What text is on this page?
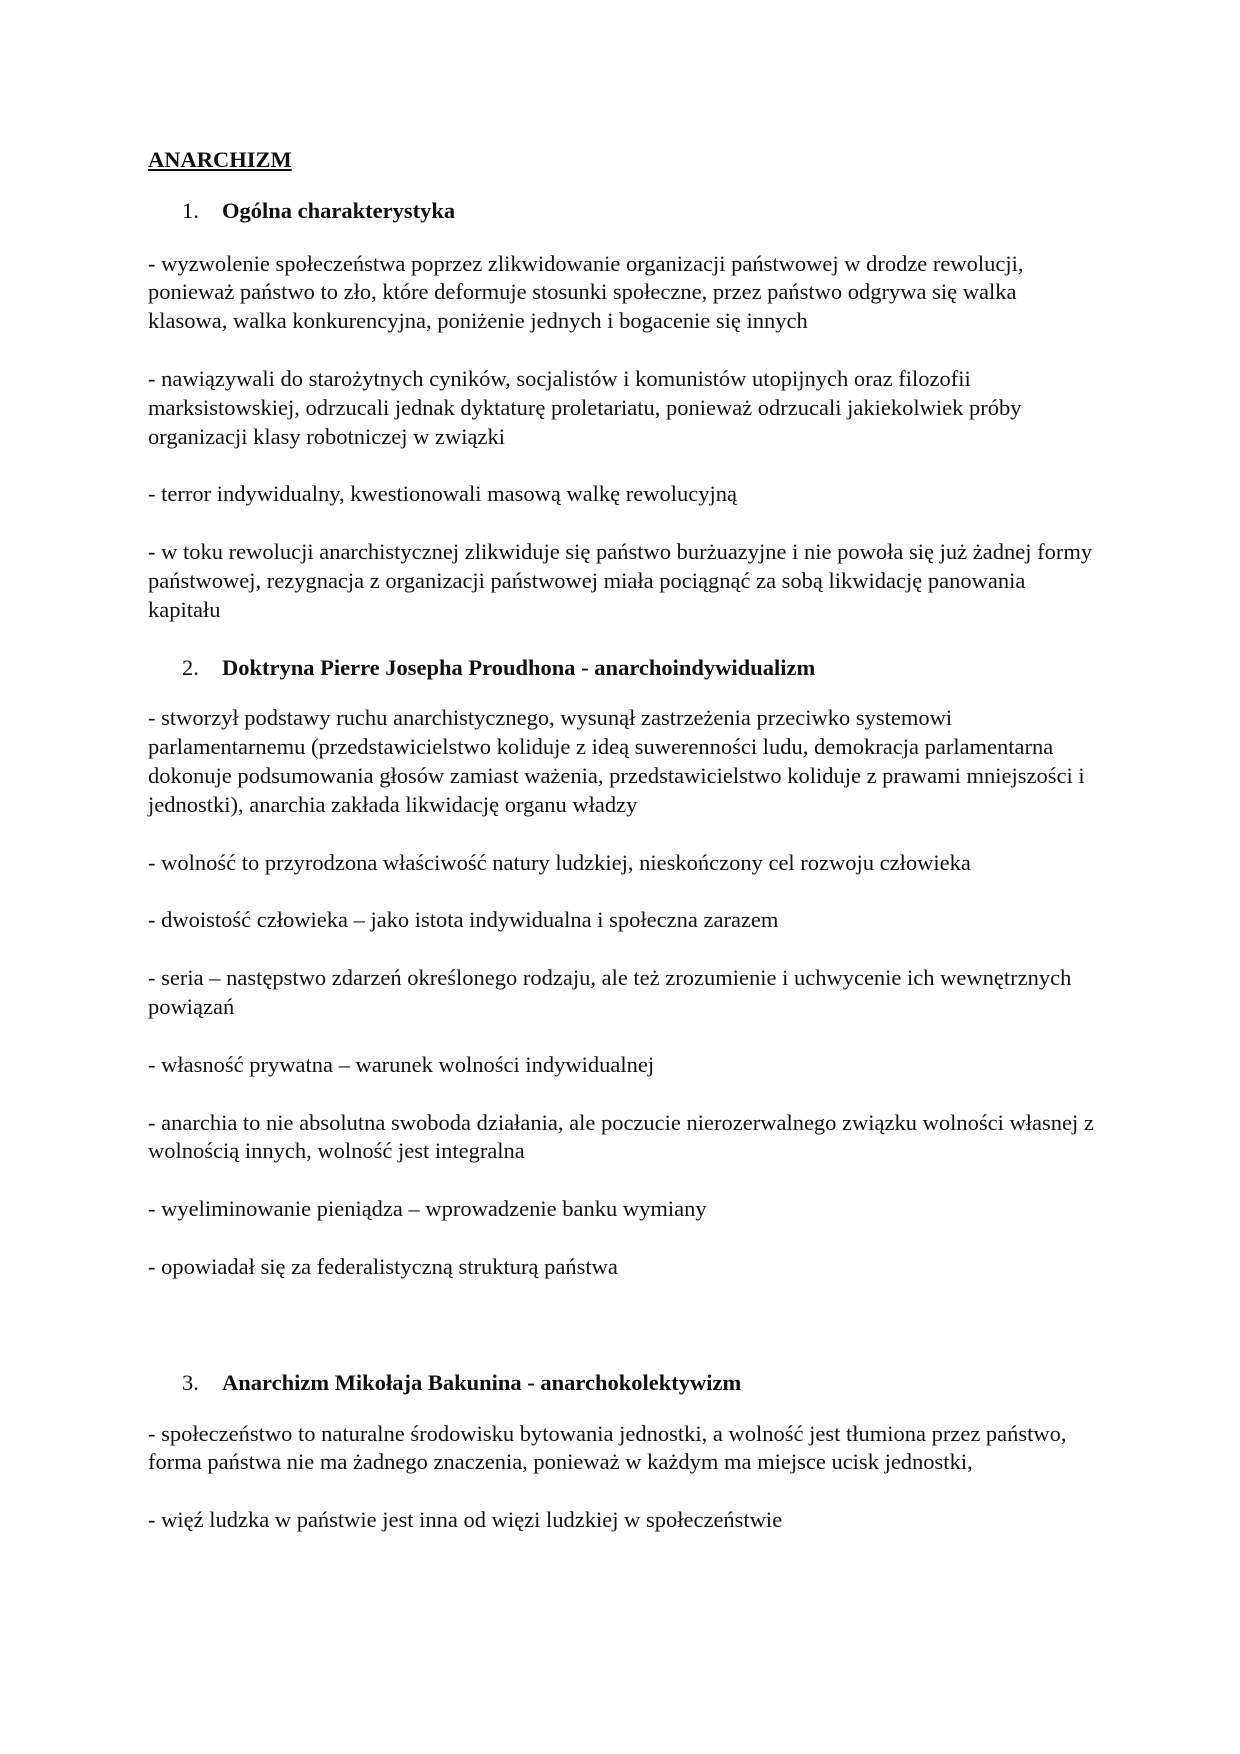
ANARCHIZM
1.	Ogólna charakterystyka

- wyzwolenie społeczeństwa poprzez zlikwidowanie organizacji państwowej w drodze rewolucji, ponieważ państwo to zło, które deformuje stosunki społeczne, przez państwo odgrywa się walka klasowa, walka konkurencyjna, poniżenie jednych i bogacenie się innych

- nawiązywali do starożytnych cyników, socjalistów i komunistów utopijnych oraz filozofii marksistowskiej, odrzucali jednak dyktaturę proletariatu, ponieważ odrzucali jakiekolwiek próby organizacji klasy robotniczej w związki

- terror indywidualny, kwestionowali masową walkę rewolucyjną

- w toku rewolucji anarchistycznej zlikwiduje się państwo burżuazyjne i nie powoła się już żadnej formy państwowej, rezygnacja z organizacji państwowej miała pociągnąć za sobą likwidację panowania kapitału

2.	Doktryna Pierre Josepha Proudhona - anarchoindywidualizm

- stworzył podstawy ruchu anarchistycznego, wysunął zastrzeżenia przeciwko systemowi parlamentarnemu (przedstawicielstwo koliduje z ideą suwerenności ludu, demokracja parlamentarna dokonuje podsumowania głosów zamiast ważenia, przedstawicielstwo koliduje z prawami mniejszości i jednostki), anarchia zakłada likwidację organu władzy

- wolność to przyrodzona właściwość natury ludzkiej, nieskończony cel rozwoju człowieka

- dwoistość człowieka – jako istota indywidualna i społeczna zarazem

- seria – następstwo zdarzeń określonego rodzaju, ale też zrozumienie i uchwycenie ich wewnętrznych powiązań

- własność prywatna – warunek wolności indywidualnej

- anarchia to nie absolutna swoboda działania, ale poczucie nierozerwalnego związku wolności własnej z wolnością innych, wolność jest integralna

- wyeliminowanie pieniądza – wprowadzenie banku wymiany

- opowiadał się za federalistyczną strukturą państwa

3.	Anarchizm Mikołaja Bakunina - anarchokolektywizm

- społeczeństwo to naturalne środowisku bytowania jednostki, a wolność jest tłumiona przez państwo, forma państwa nie ma żadnego znaczenia, ponieważ w każdym ma miejsce ucisk jednostki,

- więź ludzka w państwie jest inna od więzi ludzkiej w społeczeństwie
